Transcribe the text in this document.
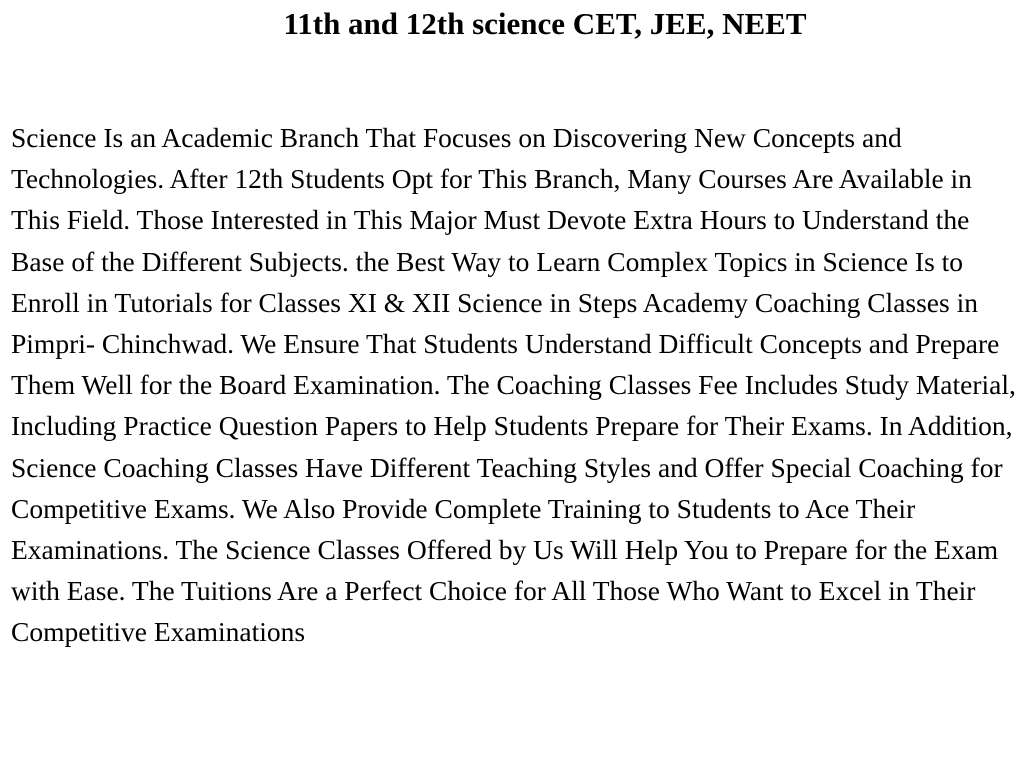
11th and 12th science CET, JEE, NEET

Science Is an Academic Branch That Focuses on Discovering New Concepts and Technologies. After 12th Students Opt for This Branch, Many Courses Are Available in This Field. Those Interested in This Major Must Devote Extra Hours to Understand the Base of the Different Subjects. the Best Way to Learn Complex Topics in Science Is to Enroll in Tutorials for Classes XI & XII Science in Steps Academy Coaching Classes in Pimpri- Chinchwad. We Ensure That Students Understand Difficult Concepts and Prepare Them Well for the Board Examination. The Coaching Classes Fee Includes Study Material, Including Practice Question Papers to Help Students Prepare for Their Exams. In Addition, Science Coaching Classes Have Different Teaching Styles and Offer Special Coaching for Competitive Exams. We Also Provide Complete Training to Students to Ace Their Examinations. The Science Classes Offered by Us Will Help You to Prepare for the Exam with Ease. The Tuitions Are a Perfect Choice for All Those Who Want to Excel in Their Competitive Examinations
